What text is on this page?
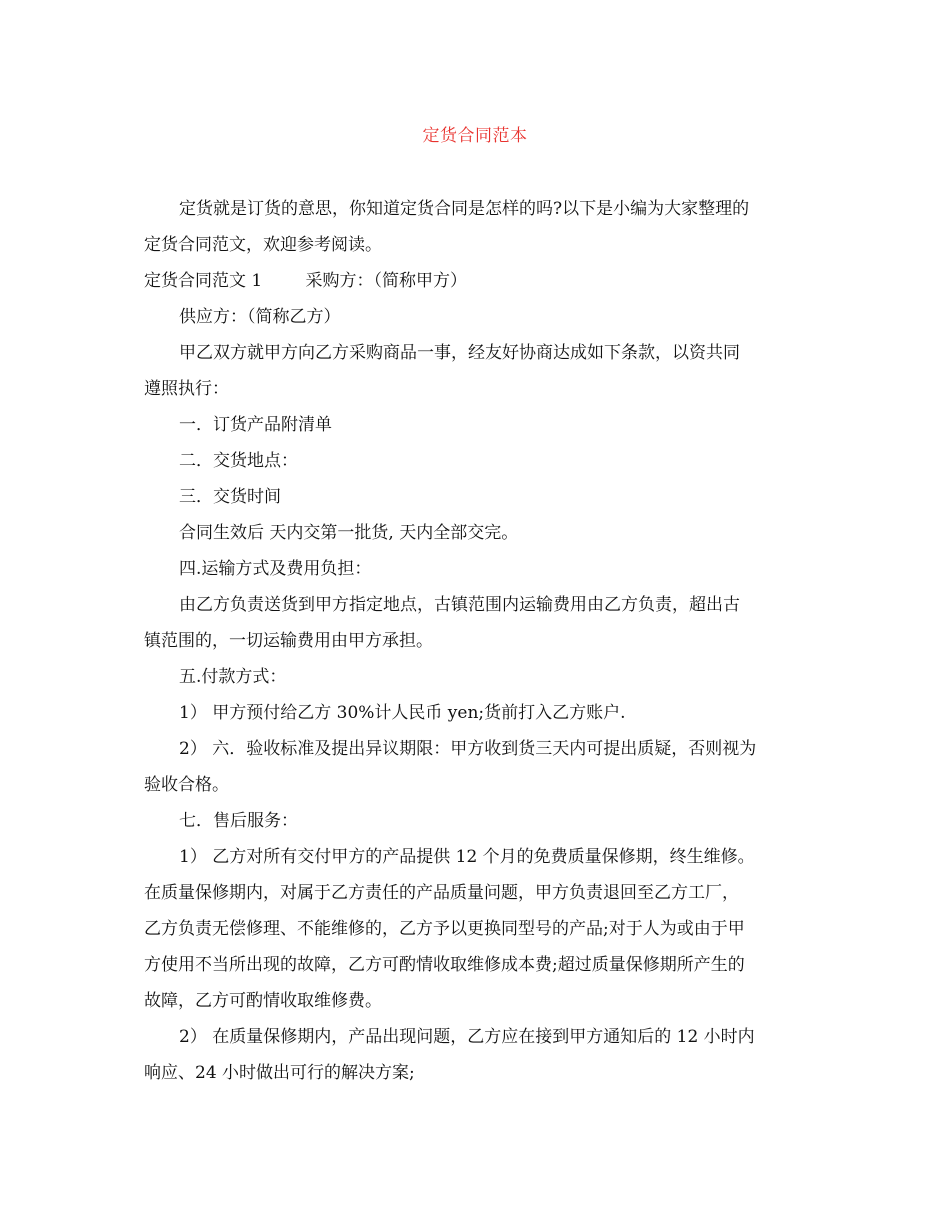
定货合同范本
定货就是订货的意思，你知道定货合同是怎样的吗?以下是小编为大家整理的
定货合同范文，欢迎参考阅读。
定货合同范文 1        采购方：（简称甲方）
供应方：（简称乙方）
甲乙双方就甲方向乙方采购商品一事，经友好协商达成如下条款，以资共同
遵照执行：
一．订货产品附清单
二．交货地点：
三．交货时间
合同生效后 天内交第一批货, 天内全部交完。
四.运输方式及费用负担：
由乙方负责送货到甲方指定地点，古镇范围内运输费用由乙方负责，超出古
镇范围的，一切运输费用由甲方承担。
五.付款方式：
1） 甲方预付给乙方 30%计人民币 yen;货前打入乙方账户.
2） 六．验收标准及提出异议期限：甲方收到货三天内可提出质疑，否则视为
验收合格。
七．售后服务：
1） 乙方对所有交付甲方的产品提供 12 个月的免费质量保修期，终生维修。
在质量保修期内，对属于乙方责任的产品质量问题，甲方负责退回至乙方工厂，
乙方负责无偿修理、不能维修的，乙方予以更换同型号的产品;对于人为或由于甲
方使用不当所出现的故障，乙方可酌情收取维修成本费;超过质量保修期所产生的
故障，乙方可酌情收取维修费。
2） 在质量保修期内，产品出现问题，乙方应在接到甲方通知后的 12 小时内
响应、24 小时做出可行的解决方案;
